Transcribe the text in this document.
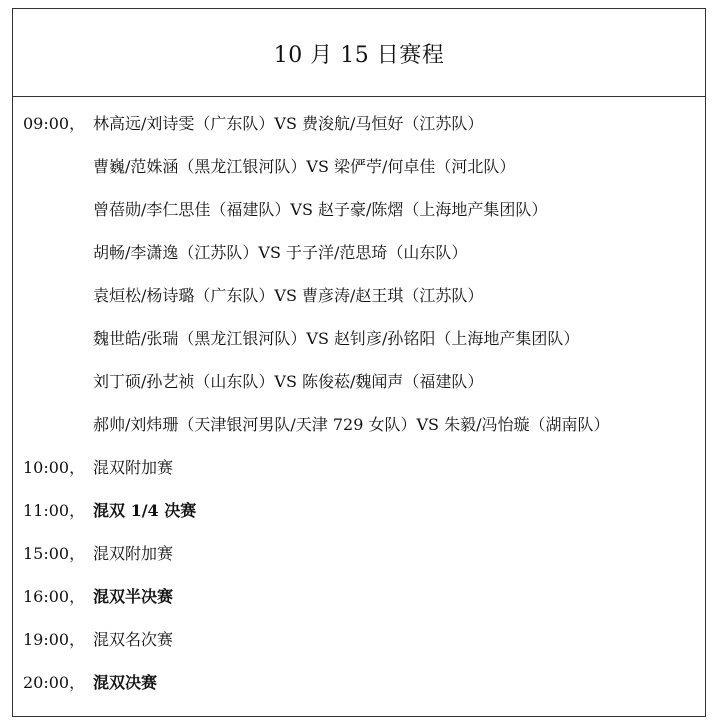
10 月 15 日赛程
09:00， 林高远/刘诗雯（广东队）VS 费浚航/马恒好（江苏队）
曹巍/范姝涵（黑龙江银河队）VS 梁俨苧/何卓佳（河北队）
曾蓓勋/李仁思佳（福建队）VS 赵子豪/陈熠（上海地产集团队）
胡畅/李潇逸（江苏队）VS 于子洋/范思琦（山东队）
袁烜松/杨诗璐（广东队）VS 曹彦涛/赵王琪（江苏队）
魏世皓/张瑞（黑龙江银河队）VS 赵钊彦/孙铭阳（上海地产集团队）
刘丁硕/孙艺祯（山东队）VS 陈俊菘/魏闻声（福建队）
郝帅/刘炜珊（天津银河男队/天津 729 女队）VS 朱毅/冯怡璇（湖南队）
10:00， 混双附加赛
11:00， 混双 1/4 决赛
15:00， 混双附加赛
16:00， 混双半决赛
19:00， 混双名次赛
20:00， 混双决赛
